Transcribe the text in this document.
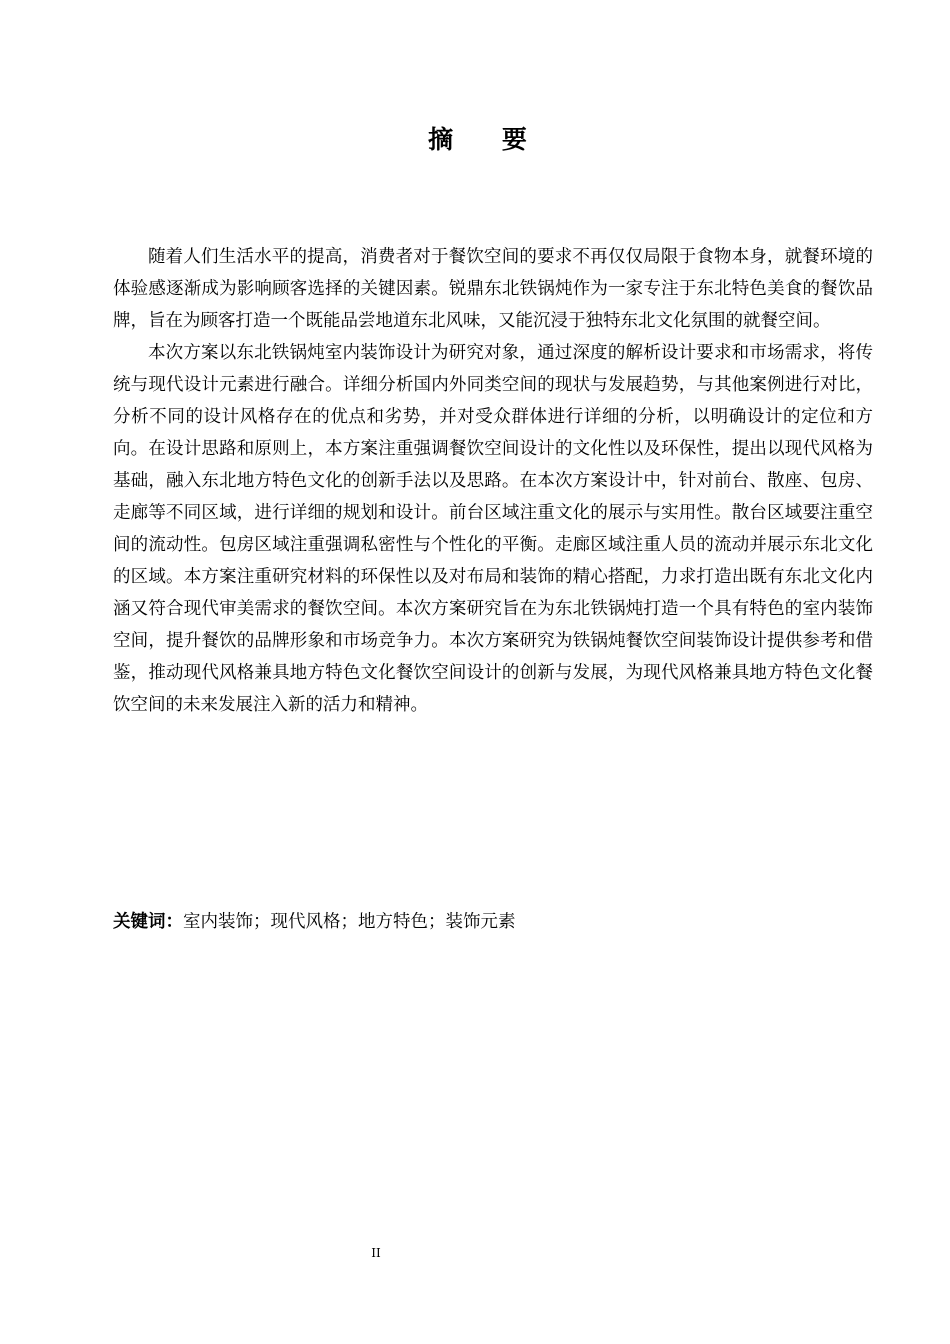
摘 要

随着人们生活水平的提高，消费者对于餐饮空间的要求不再仅仅局限于食物本身，就餐环境的体验感逐渐成为影响顾客选择的关键因素。锐鼎东北铁锅炖作为一家专注于东北特色美食的餐饮品牌，旨在为顾客打造一个既能品尝地道东北风味，又能沉浸于独特东北文化氛围的就餐空间。

本次方案以东北铁锅炖室内装饰设计为研究对象，通过深度的解析设计要求和市场需求，将传统与现代设计元素进行融合。详细分析国内外同类空间的现状与发展趋势，与其他案例进行对比，分析不同的设计风格存在的优点和劣势，并对受众群体进行详细的分析，以明确设计的定位和方向。在设计思路和原则上，本方案注重强调餐饮空间设计的文化性以及环保性，提出以现代风格为基础，融入东北地方特色文化的创新手法以及思路。在本次方案设计中，针对前台、散座、包房、走廊等不同区域，进行详细的规划和设计。前台区域注重文化的展示与实用性。散台区域要注重空间的流动性。包房区域注重强调私密性与个性化的平衡。走廊区域注重人员的流动并展示东北文化的区域。本方案注重研究材料的环保性以及对布局和装饰的精心搭配，力求打造出既有东北文化内涵又符合现代审美需求的餐饮空间。本次方案研究旨在为东北铁锅炖打造一个具有特色的室内装饰空间，提升餐饮的品牌形象和市场竞争力。本次方案研究为铁锅炖餐饮空间装饰设计提供参考和借鉴，推动现代风格兼具地方特色文化餐饮空间设计的创新与发展，为现代风格兼具地方特色文化餐饮空间的未来发展注入新的活力和精神。

关键词：室内装饰；现代风格；地方特色；装饰元素
II
